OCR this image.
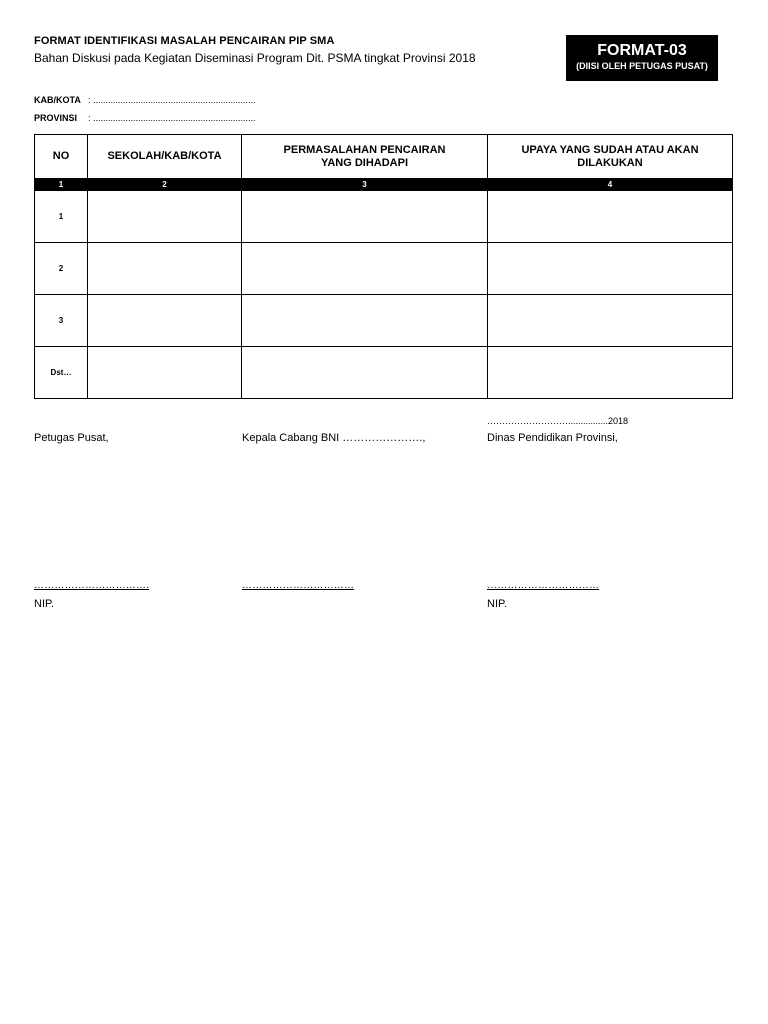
FORMAT IDENTIFIKASI MASALAH PENCAIRAN PIP SMA
Bahan Diskusi pada Kegiatan Diseminasi Program Dit. PSMA tingkat Provinsi 2018	FORMAT-03
(DIISI OLEH PETUGAS PUSAT)
KAB/KOTA : .................................................................
PROVINSI : .................................................................
NO	SEKOLAH/KAB/KOTA	PERMASALAHAN PENCAIRAN
YANG DIHADAPI	UPAYA YANG SUDAH ATAU AKAN
DILAKUKAN
1	2	3	4
1			
2			
3			
Dst…			
………………………................2018
Petugas Pusat,	Kepala Cabang BNI ………………….,	Dinas Pendidikan Provinsi,
…………………………….	……………………………	……………………………
NIP.	NIP.
